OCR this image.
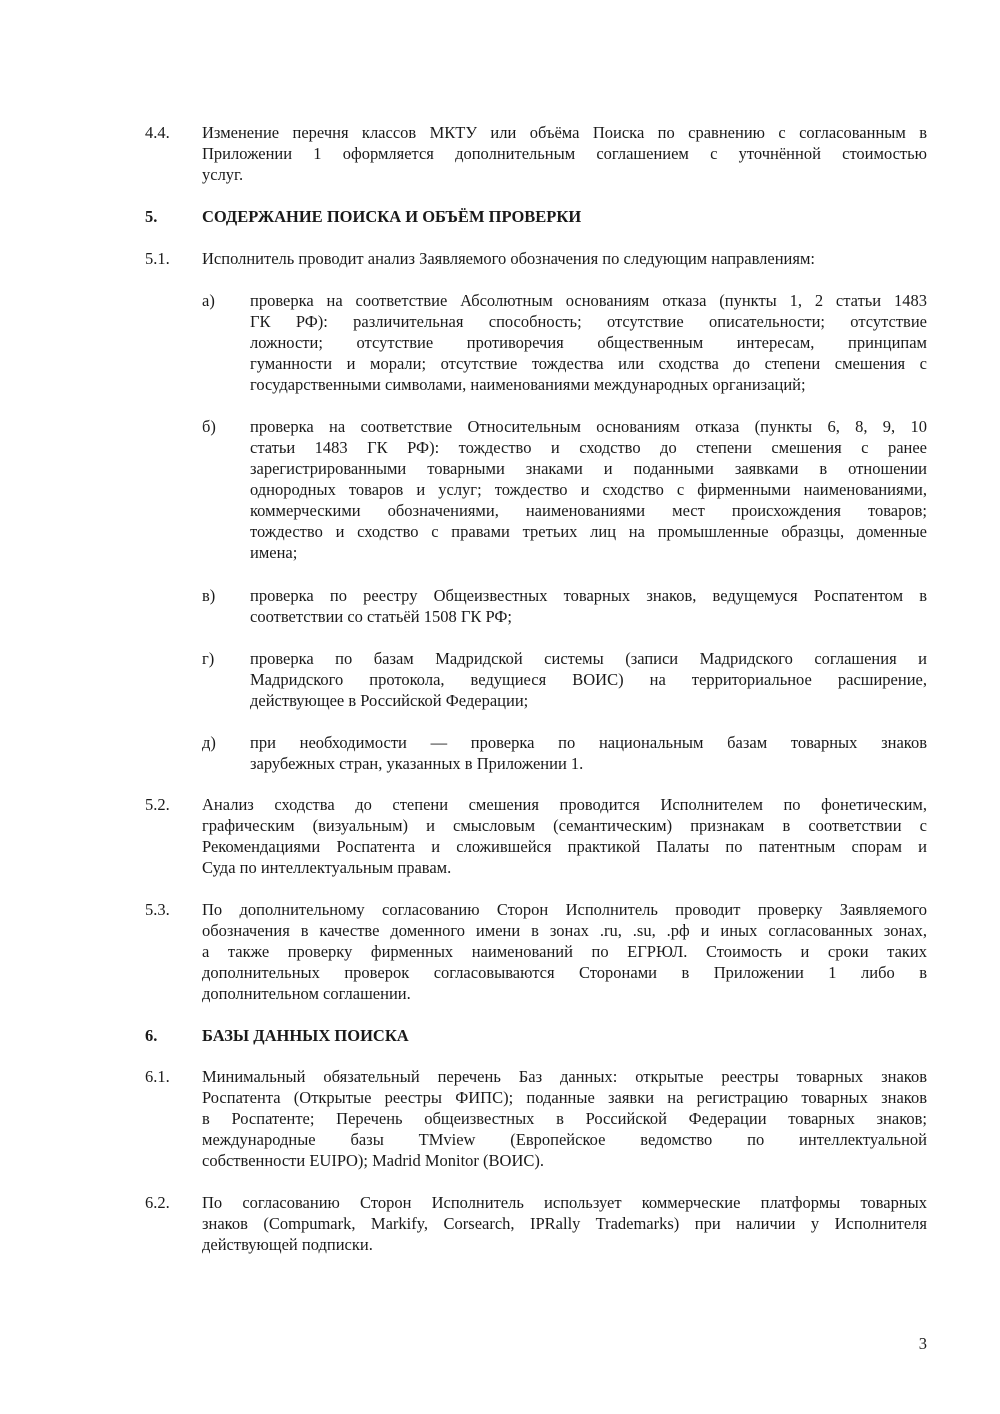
4.4.	Изменение перечня классов МКТУ или объёма Поиска по сравнению с согласованным в
Приложении 1 оформляется дополнительным соглашением с уточнённой стоимостью
услуг.
5.	СОДЕРЖАНИЕ ПОИСКА И ОБЪЁМ ПРОВЕРКИ
5.1.	Исполнитель проводит анализ Заявляемого обозначения по следующим направлениям:
а)	проверка на соответствие Абсолютным основаниям отказа (пункты 1, 2 статьи 1483
ГК РФ): различительная способность; отсутствие описательности; отсутствие
ложности; отсутствие противоречия общественным интересам, принципам
гуманности и морали; отсутствие тождества или сходства до степени смешения с
государственными символами, наименованиями международных организаций;
б)	проверка на соответствие Относительным основаниям отказа (пункты 6, 8, 9, 10
статьи 1483 ГК РФ): тождество и сходство до степени смешения с ранее
зарегистрированными товарными знаками и поданными заявками в отношении
однородных товаров и услуг; тождество и сходство с фирменными наименованиями,
коммерческими обозначениями, наименованиями мест происхождения товаров;
тождество и сходство с правами третьих лиц на промышленные образцы, доменные
имена;
в)	проверка по реестру Общеизвестных товарных знаков, ведущемуся Роспатентом в
соответствии со статьёй 1508 ГК РФ;
г)	проверка по базам Мадридской системы (записи Мадридского соглашения и
Мадридского протокола, ведущиеся ВОИС) на территориальное расширение,
действующее в Российской Федерации;
д)	при необходимости — проверка по национальным базам товарных знаков
зарубежных стран, указанных в Приложении 1.
5.2.	Анализ сходства до степени смешения проводится Исполнителем по фонетическим,
графическим (визуальным) и смысловым (семантическим) признакам в соответствии с
Рекомендациями Роспатента и сложившейся практикой Палаты по патентным спорам и
Суда по интеллектуальным правам.
5.3.	По дополнительному согласованию Сторон Исполнитель проводит проверку Заявляемого
обозначения в качестве доменного имени в зонах .ru, .su, .рф и иных согласованных зонах,
а также проверку фирменных наименований по ЕГРЮЛ. Стоимость и сроки таких
дополнительных проверок согласовываются Сторонами в Приложении 1 либо в
дополнительном соглашении.
6.	БАЗЫ ДАННЫХ ПОИСКА
6.1.	Минимальный обязательный перечень Баз данных: открытые реестры товарных знаков
Роспатента (Открытые реестры ФИПС); поданные заявки на регистрацию товарных знаков
в Роспатенте; Перечень общеизвестных в Российской Федерации товарных знаков;
международные базы TMview (Европейское ведомство по интеллектуальной
собственности EUIPO); Madrid Monitor (ВОИС).
6.2.	По согласованию Сторон Исполнитель использует коммерческие платформы товарных
знаков (Compumark, Markify, Corsearch, IPRally Trademarks) при наличии у Исполнителя
действующей подписки.
3
